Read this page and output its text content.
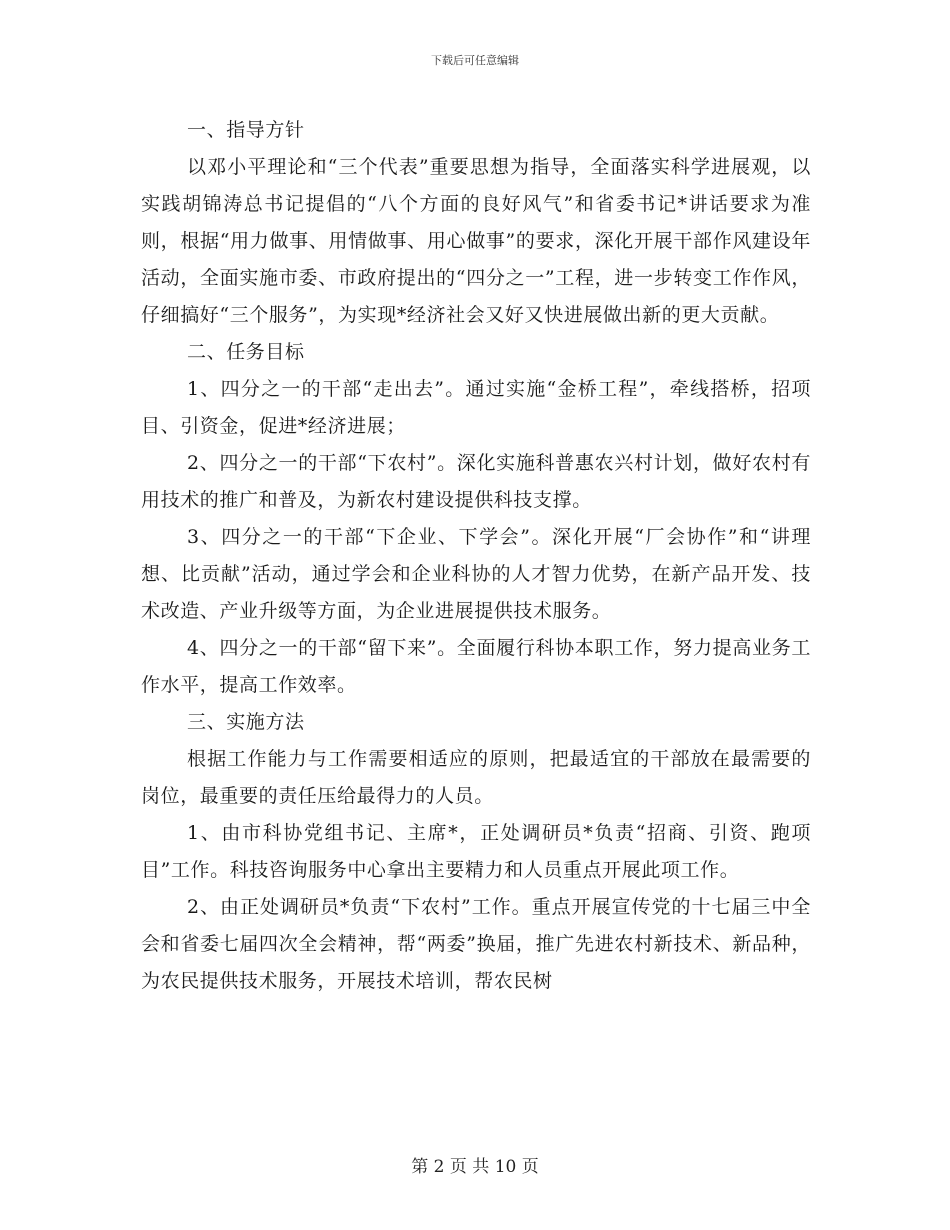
下载后可任意编辑

一、指导方针

以邓小平理论和“三个代表”重要思想为指导，全面落实科学进展观，以实践胡锦涛总书记提倡的“八个方面的良好风气”和省委书记*讲话要求为准则，根据“用力做事、用情做事、用心做事”的要求，深化开展干部作风建设年活动，全面实施市委、市政府提出的“四分之一”工程，进一步转变工作作风，仔细搞好“三个服务”，为实现*经济社会又好又快进展做出新的更大贡献。

二、任务目标

1、四分之一的干部“走出去”。通过实施“金桥工程”，牵线搭桥，招项目、引资金，促进*经济进展；

2、四分之一的干部“下农村”。深化实施科普惠农兴村计划，做好农村有用技术的推广和普及，为新农村建设提供科技支撑。

3、四分之一的干部“下企业、下学会”。深化开展“厂会协作”和“讲理想、比贡献”活动，通过学会和企业科协的人才智力优势，在新产品开发、技术改造、产业升级等方面，为企业进展提供技术服务。

4、四分之一的干部“留下来”。全面履行科协本职工作，努力提高业务工作水平，提高工作效率。

三、实施方法

根据工作能力与工作需要相适应的原则，把最适宜的干部放在最需要的岗位，最重要的责任压给最得力的人员。

1、由市科协党组书记、主席*，正处调研员*负责“招商、引资、跑项目”工作。科技咨询服务中心拿出主要精力和人员重点开展此项工作。

2、由正处调研员*负责“下农村”工作。重点开展宣传党的十七届三中全会和省委七届四次全会精神，帮“两委”换届，推广先进农村新技术、新品种，为农民提供技术服务，开展技术培训，帮农民树

第 2 页 共 10 页
